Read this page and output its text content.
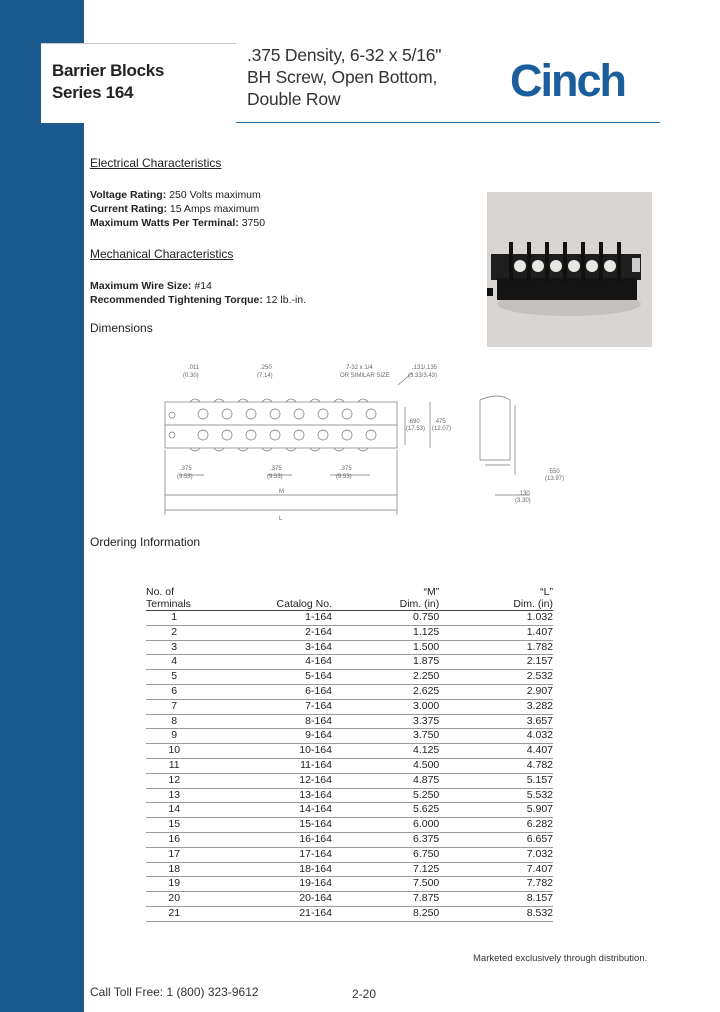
Barrier Blocks
Series 164
.375 Density, 6-32 x 5/16"
BH Screw, Open Bottom,
Double Row	Cinch
Electrical Characteristics
Voltage Rating: 250 Volts maximum
Current Rating: 15 Amps maximum
Maximum Watts Per Terminal: 3750
Mechanical Characteristics
Maximum Wire Size: #14
Recommended Tightening Torque: 12 lb.-in.
Dimensions
.011
(0.30)
.250
(7.14)
7-32 x 1/4
OR SIMILAR SIZE
.131/.135
(3.33/3.43)
.375
(9.53)
.375
(9.53)
.375
(9.53)
.690
(17.53)
.475
(12.07)
.550
(13.97)
.130
(3.30)
M
L
Ordering Information
No. of		“M”	“L”
Terminals	Catalog No.	Dim. (in)	Dim. (in)
1	1-164	0.750	1.032
2	2-164	1.125	1.407
3	3-164	1.500	1.782
4	4-164	1.875	2.157
5	5-164	2.250	2.532
6	6-164	2.625	2.907
7	7-164	3.000	3.282
8	8-164	3.375	3.657
9	9-164	3.750	4.032
10	10-164	4.125	4.407
11	11-164	4.500	4.782
12	12-164	4.875	5.157
13	13-164	5.250	5.532
14	14-164	5.625	5.907
15	15-164	6.000	6.282
16	16-164	6.375	6.657
17	17-164	6.750	7.032
18	18-164	7.125	7.407
19	19-164	7.500	7.782
20	20-164	7.875	8.157
21	21-164	8.250	8.532
Marketed exclusively through distribution.
Call Toll Free: 1 (800) 323-9612	2-20
